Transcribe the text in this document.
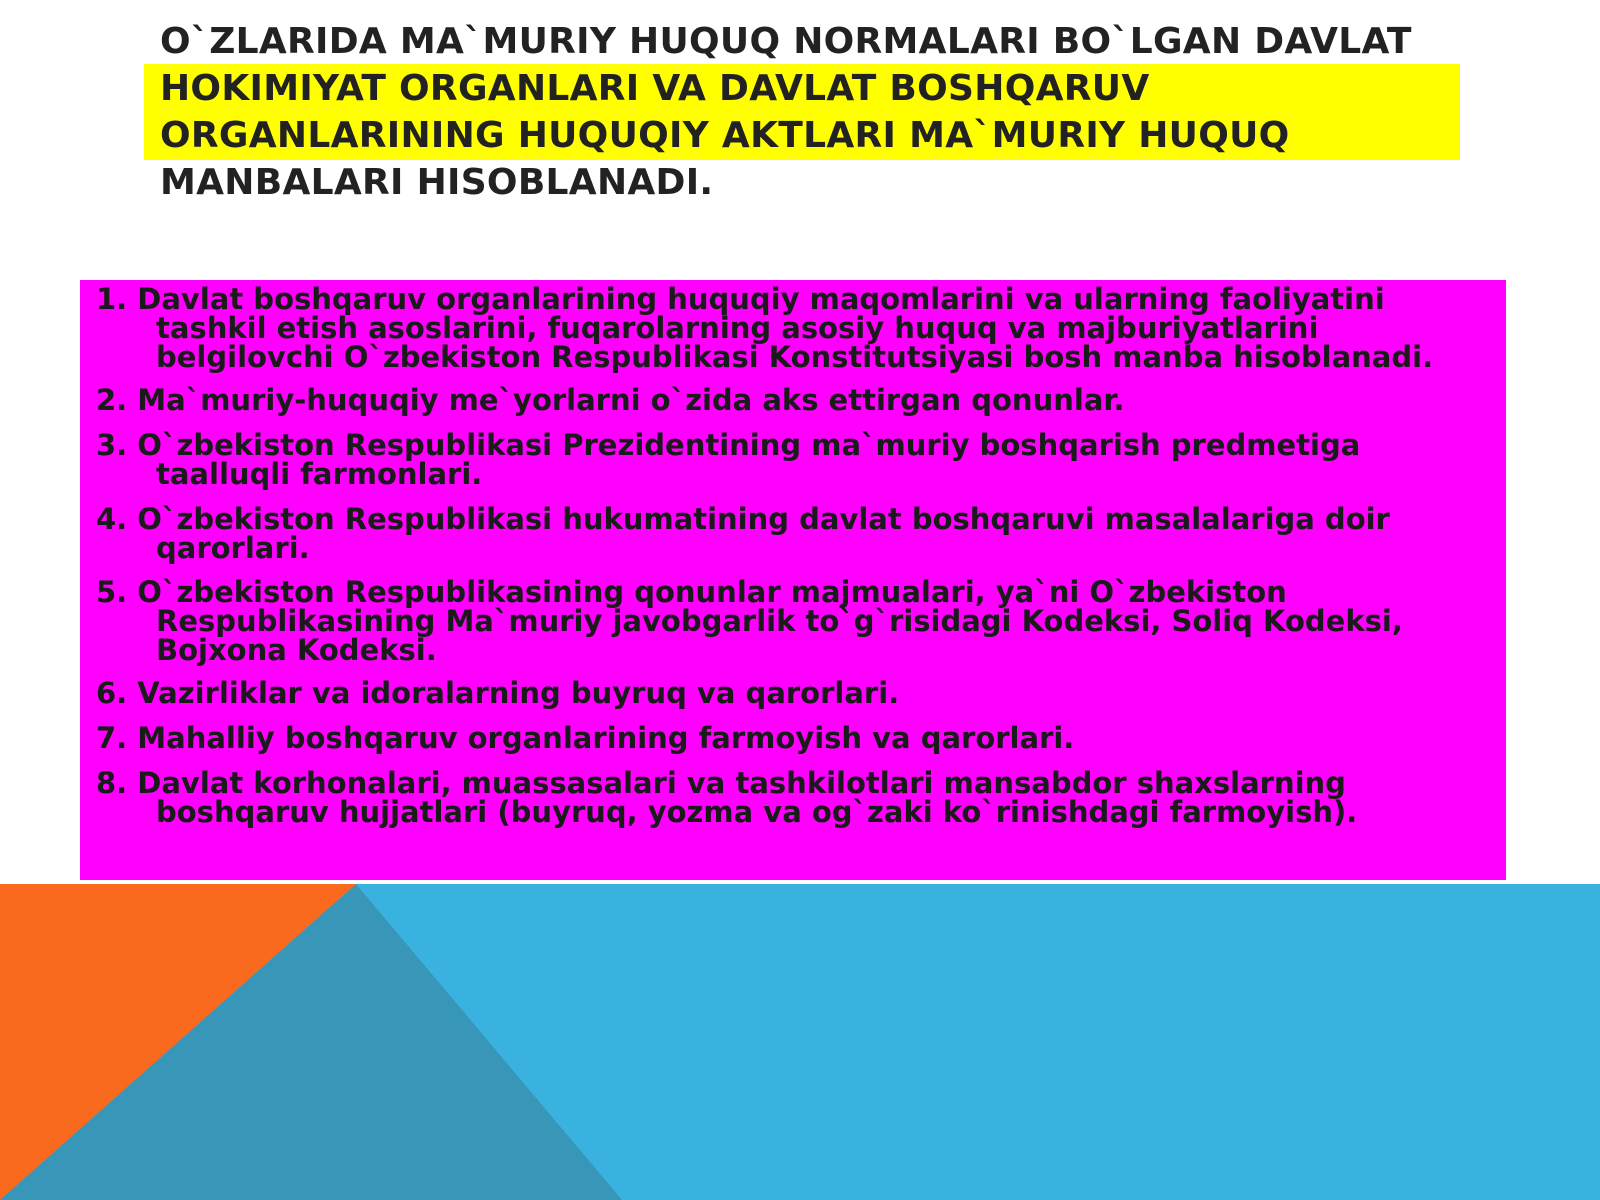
O`ZLARIDA MA`MURIY HUQUQ NORMALARI BO`LGAN DAVLAT
HOKIMIYAT ORGANLARI VA DAVLAT BOSHQARUV
ORGANLARINING HUQUQIY AKTLARI MA`MURIY HUQUQ
MANBALARI HISOBLANADI.
1. Davlat boshqaruv organlarining huquqiy maqomlarini va ularning faoliyatini
tashkil etish asoslarini, fuqarolarning asosiy huquq va majburiyatlarini
belgilovchi O`zbekiston Respublikasi Konstitutsiyasi bosh manba hisoblanadi.
2. Ma`muriy-huquqiy me`yorlarni o`zida aks ettirgan qonunlar.
3. O`zbekiston Respublikasi Prezidentining ma`muriy boshqarish predmetiga
taalluqli farmonlari.
4. O`zbekiston Respublikasi hukumatining davlat boshqaruvi masalalariga doir
qarorlari.
5. O`zbekiston Respublikasining qonunlar majmualari, ya`ni O`zbekiston
Respublikasining Ma`muriy javobgarlik to`g`risidagi Kodeksi, Soliq Kodeksi,
Bojxona Kodeksi.
6. Vazirliklar va idoralarning buyruq va qarorlari.
7. Mahalliy boshqaruv organlarining farmoyish va qarorlari.
8. Davlat korhonalari, muassasalari va tashkilotlari mansabdor shaxslarning
boshqaruv hujjatlari (buyruq, yozma va og`zaki ko`rinishdagi farmoyish).
